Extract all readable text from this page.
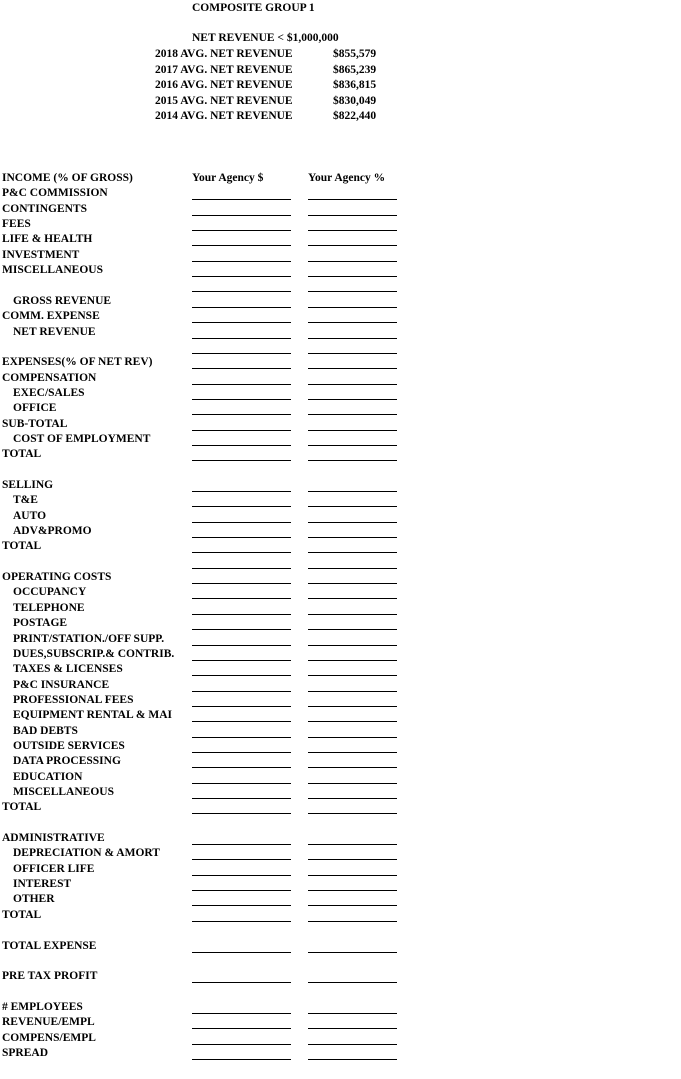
COMPOSITE GROUP 1
NET REVENUE < $1,000,000
2018 AVG. NET REVENUE	$855,579
2017 AVG. NET REVENUE	$865,239
2016 AVG. NET REVENUE	$836,815
2015 AVG. NET REVENUE	$830,049
2014 AVG. NET REVENUE	$822,440
INCOME (% OF GROSS)	Your Agency $	Your Agency %
P&C COMMISSION
CONTINGENTS
FEES
LIFE & HEALTH
INVESTMENT
MISCELLANEOUS
GROSS REVENUE
COMM. EXPENSE
NET REVENUE
EXPENSES(% OF NET REV)
COMPENSATION
EXEC/SALES
OFFICE
SUB-TOTAL
COST OF EMPLOYMENT
TOTAL
SELLING
T&E
AUTO
ADV&PROMO
TOTAL
OPERATING COSTS
OCCUPANCY
TELEPHONE
POSTAGE
PRINT/STATION./OFF SUPP.
DUES,SUBSCRIP.& CONTRIB.
TAXES & LICENSES
P&C INSURANCE
PROFESSIONAL FEES
EQUIPMENT RENTAL & MAI
BAD DEBTS
OUTSIDE SERVICES
DATA PROCESSING
EDUCATION
MISCELLANEOUS
TOTAL
ADMINISTRATIVE
DEPRECIATION & AMORT
OFFICER LIFE
INTEREST
OTHER
TOTAL
TOTAL EXPENSE
PRE TAX PROFIT
# EMPLOYEES
REVENUE/EMPL
COMPENS/EMPL
SPREAD
